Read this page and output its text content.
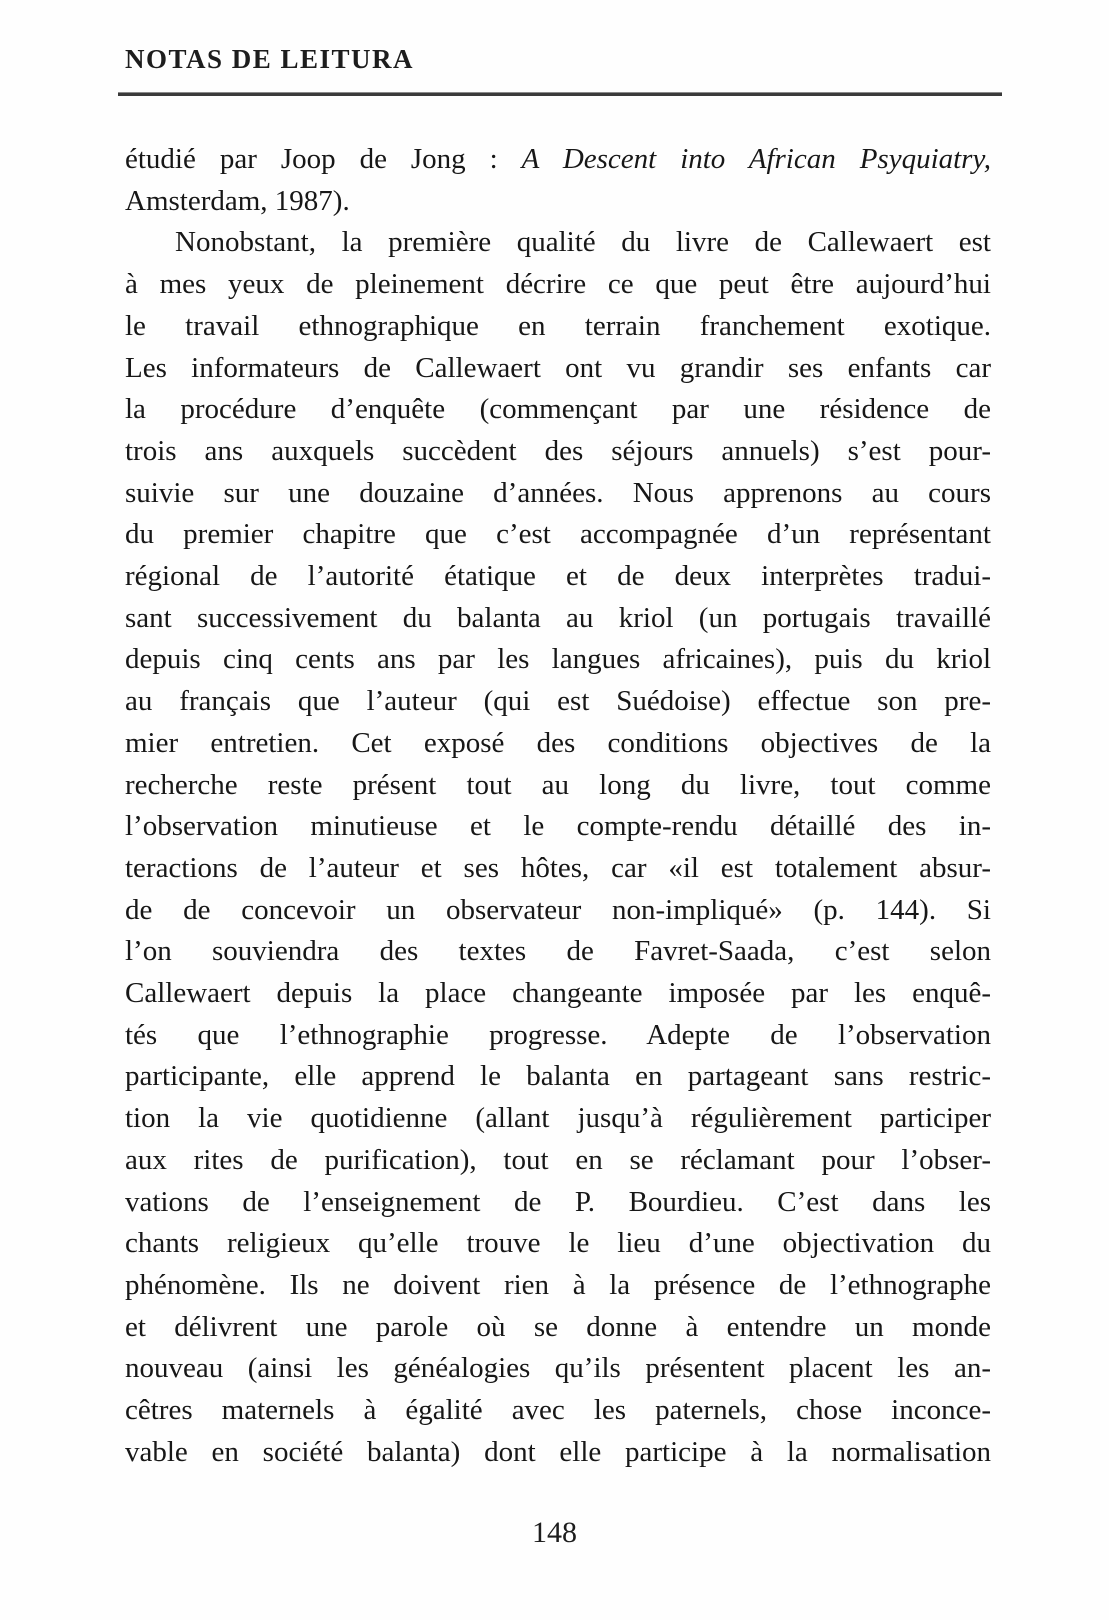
NOTAS DE LEITURA
étudié par Joop de Jong : A Descent into African Psyquiatry,
Amsterdam, 1987).
Nonobstant, la première qualité du livre de Callewaert est
à mes yeux de pleinement décrire ce que peut être aujourd’hui
le travail ethnographique en terrain franchement exotique.
Les informateurs de Callewaert ont vu grandir ses enfants car
la procédure d’enquête (commençant par une résidence de
trois ans auxquels succèdent des séjours annuels) s’est pour-
suivie sur une douzaine d’années. Nous apprenons au cours
du premier chapitre que c’est accompagnée d’un représentant
régional de l’autorité étatique et de deux interprètes tradui-
sant successivement du balanta au kriol (un portugais travaillé
depuis cinq cents ans par les langues africaines), puis du kriol
au français que l’auteur (qui est Suédoise) effectue son pre-
mier entretien. Cet exposé des conditions objectives de la
recherche reste présent tout au long du livre, tout comme
l’observation minutieuse et le compte-rendu détaillé des in-
teractions de l’auteur et ses hôtes, car «il est totalement absur-
de de concevoir un observateur non-impliqué» (p. 144). Si
l’on souviendra des textes de Favret-Saada, c’est selon
Callewaert depuis la place changeante imposée par les enquê-
tés que l’ethnographie progresse. Adepte de l’observation
participante, elle apprend le balanta en partageant sans restric-
tion la vie quotidienne (allant jusqu’à régulièrement participer
aux rites de purification), tout en se réclamant pour l’obser-
vations de l’enseignement de P. Bourdieu. C’est dans les
chants religieux qu’elle trouve le lieu d’une objectivation du
phénomène. Ils ne doivent rien à la présence de l’ethnographe
et délivrent une parole où se donne à entendre un monde
nouveau (ainsi les généalogies qu’ils présentent placent les an-
cêtres maternels à égalité avec les paternels, chose inconce-
vable en société balanta) dont elle participe à la normalisation
148
